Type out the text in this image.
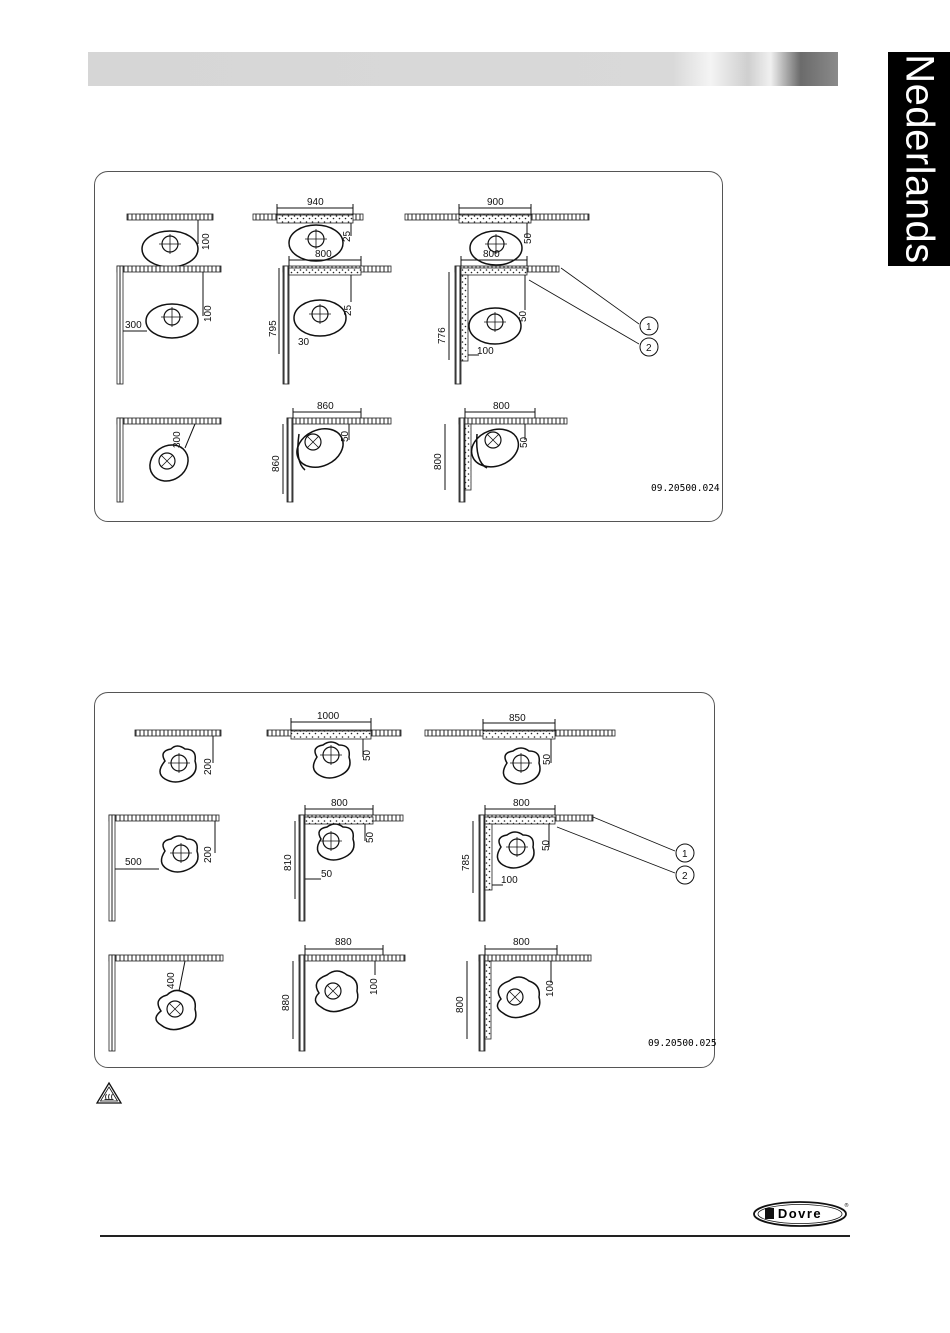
Nederlands
100
940
25
900
50
300
100
800
795
25
30
800
776
50
100
1
2
300
860
860
50
800
800
50
09.20500.024
200
1000
50
850
50
500	200
800
810
50
50
800
785
50
100
1
2
400
880
880
100
800
800
100
09.20500.025
®
Dovre
